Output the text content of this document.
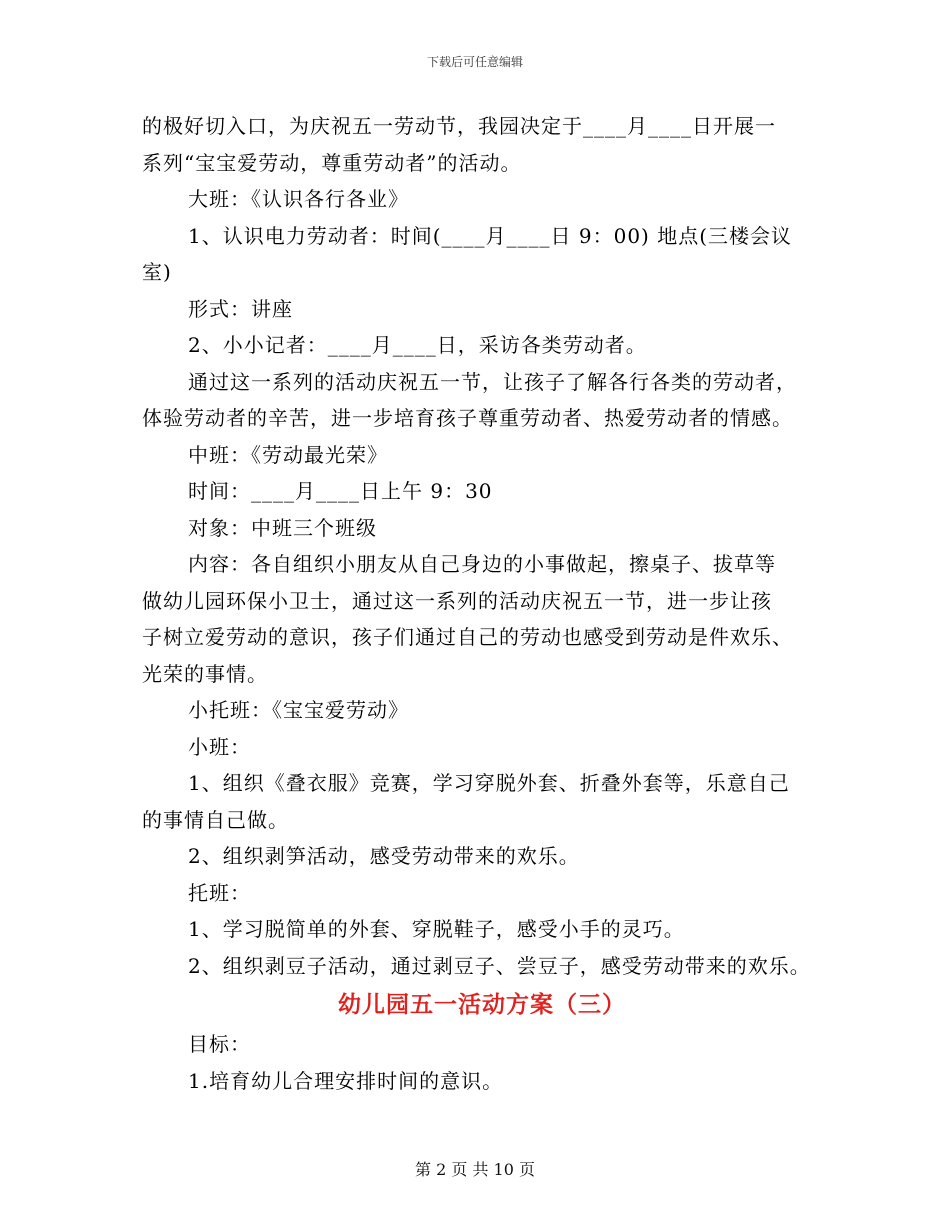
下载后可任意编辑
的极好切入口，为庆祝五一劳动节，我园决定于____月____日开展一
系列“宝宝爱劳动，尊重劳动者”的活动。
大班：《认识各行各业》
1、认识电力劳动者：时间(____月____日 9：00) 地点(三楼会议
室)
形式：讲座
2、小小记者：____月____日，采访各类劳动者。
通过这一系列的活动庆祝五一节，让孩子了解各行各类的劳动者，
体验劳动者的辛苦，进一步培育孩子尊重劳动者、热爱劳动者的情感。
中班：《劳动最光荣》
时间：____月____日上午 9：30
对象：中班三个班级
内容：各自组织小朋友从自己身边的小事做起，擦桌子、拔草等
做幼儿园环保小卫士，通过这一系列的活动庆祝五一节，进一步让孩
子树立爱劳动的意识，孩子们通过自己的劳动也感受到劳动是件欢乐、
光荣的事情。
小托班：《宝宝爱劳动》
小班：
1、组织《叠衣服》竞赛，学习穿脱外套、折叠外套等，乐意自己
的事情自己做。
2、组织剥笋活动，感受劳动带来的欢乐。
托班：
1、学习脱简单的外套、穿脱鞋子，感受小手的灵巧。
2、组织剥豆子活动，通过剥豆子、尝豆子，感受劳动带来的欢乐。
幼儿园五一活动方案（三）
目标：
1.培育幼儿合理安排时间的意识。
第 2 页 共 10 页
